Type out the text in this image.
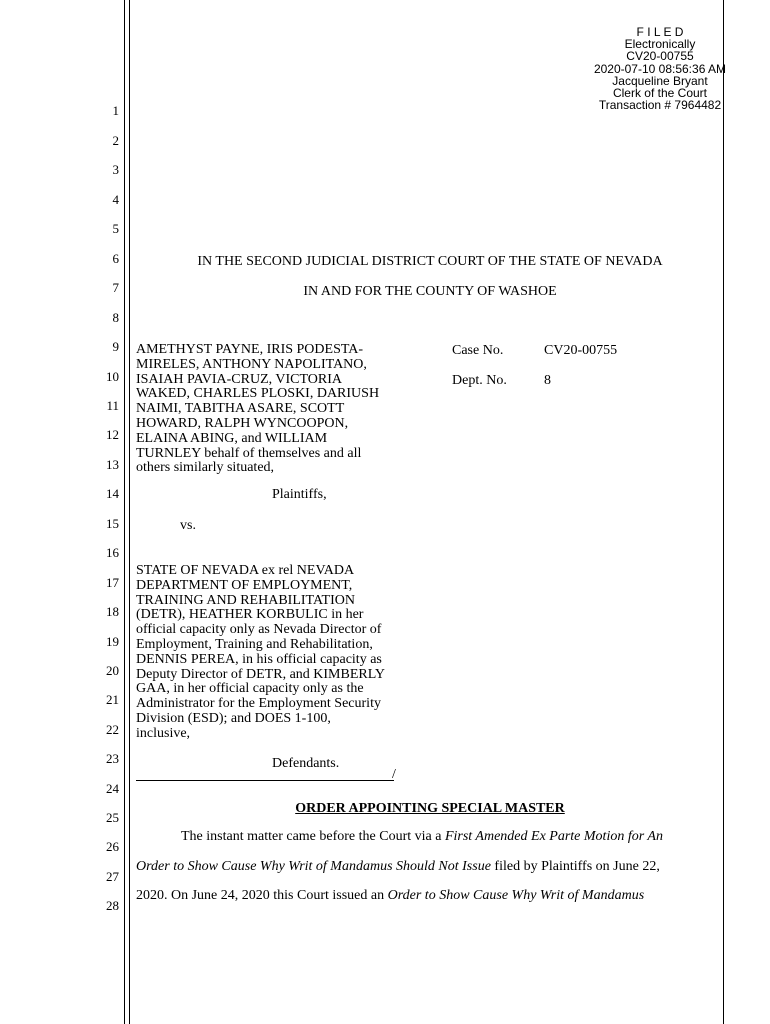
F I L E D
Electronically
CV20-00755
2020-07-10 08:56:36 AM
Jacqueline Bryant
Clerk of the Court
Transaction # 7964482
1
2
3
4
5
6
7
8
9
10
11
12
13
14
15
16
17
18
19
20
21
22
23
24
25
26
27
28
IN THE SECOND JUDICIAL DISTRICT COURT OF THE STATE OF NEVADA
IN AND FOR THE COUNTY OF WASHOE
AMETHYST PAYNE, IRIS PODESTA-
MIRELES, ANTHONY NAPOLITANO,
ISAIAH PAVIA-CRUZ, VICTORIA
WAKED, CHARLES PLOSKI, DARIUSH
NAIMI, TABITHA ASARE, SCOTT
HOWARD, RALPH WYNCOOPON,
ELAINA ABING, and WILLIAM
TURNLEY behalf of themselves and all
others similarly situated,
Plaintiffs,
vs.
STATE OF NEVADA ex rel NEVADA
DEPARTMENT OF EMPLOYMENT,
TRAINING AND REHABILITATION
(DETR), HEATHER KORBULIC in her
official capacity only as Nevada Director of
Employment, Training and Rehabilitation,
DENNIS PEREA, in his official capacity as
Deputy Director of DETR, and KIMBERLY
GAA, in her official capacity only as the
Administrator for the Employment Security
Division (ESD); and DOES 1-100,
inclusive,
Defendants.
/
Case No.	CV20-00755
Dept. No.	8
ORDER APPOINTING SPECIAL MASTER
The instant matter came before the Court via a First Amended Ex Parte Motion for An
Order to Show Cause Why Writ of Mandamus Should Not Issue filed by Plaintiffs on June 22,
2020. On June 24, 2020 this Court issued an Order to Show Cause Why Writ of Mandamus
